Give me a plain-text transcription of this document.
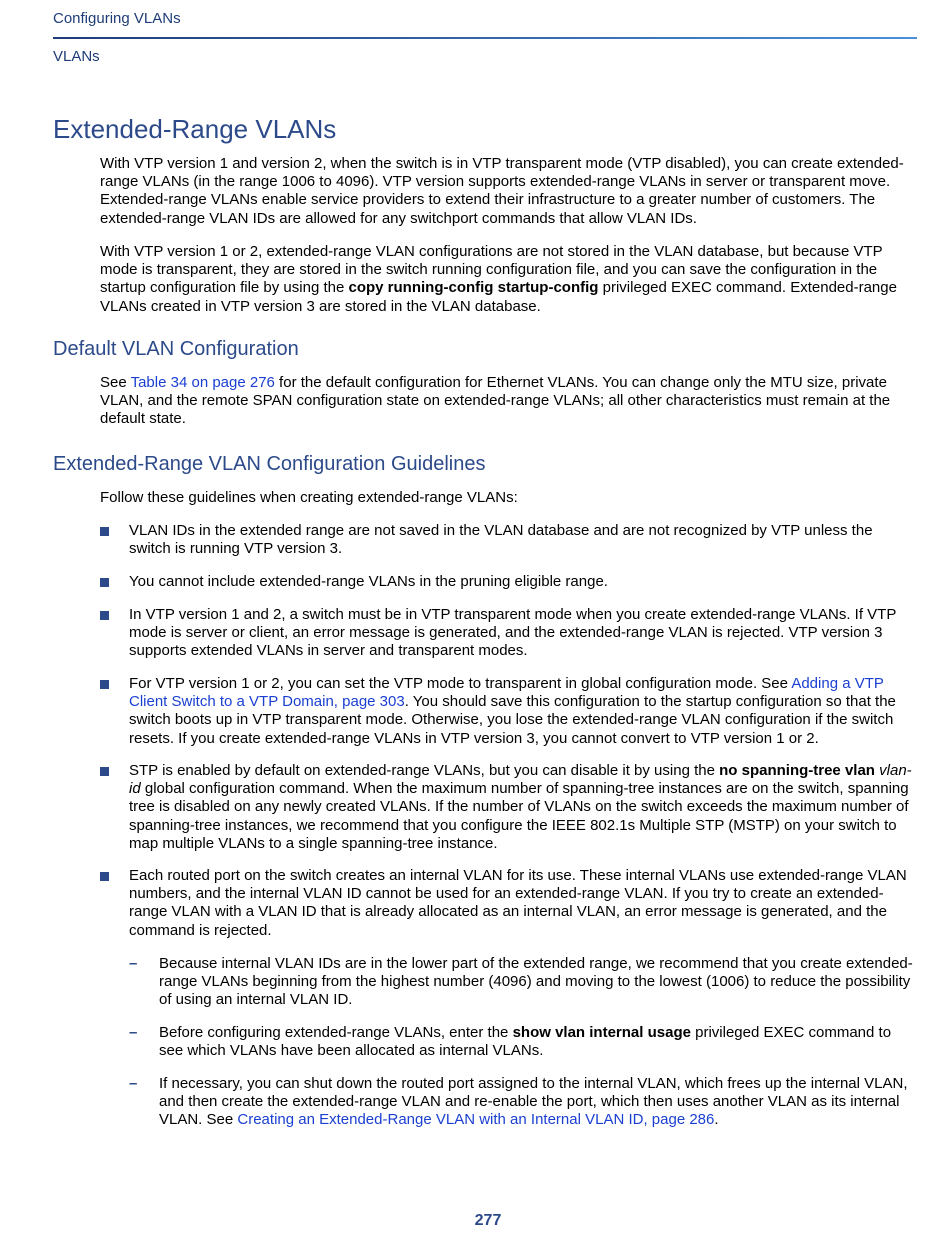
Configuring VLANs
VLANs
Extended-Range VLANs

With VTP version 1 and version 2, when the switch is in VTP transparent mode (VTP disabled), you can create extended-range VLANs (in the range 1006 to 4096). VTP version supports extended-range VLANs in server or transparent move. Extended-range VLANs enable service providers to extend their infrastructure to a greater number of customers. The extended-range VLAN IDs are allowed for any switchport commands that allow VLAN IDs.

With VTP version 1 or 2, extended-range VLAN configurations are not stored in the VLAN database, but because VTP mode is transparent, they are stored in the switch running configuration file, and you can save the configuration in the startup configuration file by using the copy running-config startup-config privileged EXEC command. Extended-range VLANs created in VTP version 3 are stored in the VLAN database.

Default VLAN Configuration

See Table 34 on page 276 for the default configuration for Ethernet VLANs. You can change only the MTU size, private VLAN, and the remote SPAN configuration state on extended-range VLANs; all other characteristics must remain at the default state.

Extended-Range VLAN Configuration Guidelines

Follow these guidelines when creating extended-range VLANs:

VLAN IDs in the extended range are not saved in the VLAN database and are not recognized by VTP unless the switch is running VTP version 3.
You cannot include extended-range VLANs in the pruning eligible range.
In VTP version 1 and 2, a switch must be in VTP transparent mode when you create extended-range VLANs. If VTP mode is server or client, an error message is generated, and the extended-range VLAN is rejected. VTP version 3 supports extended VLANs in server and transparent modes.
For VTP version 1 or 2, you can set the VTP mode to transparent in global configuration mode. See Adding a VTP Client Switch to a VTP Domain, page 303. You should save this configuration to the startup configuration so that the switch boots up in VTP transparent mode. Otherwise, you lose the extended-range VLAN configuration if the switch resets. If you create extended-range VLANs in VTP version 3, you cannot convert to VTP version 1 or 2.
STP is enabled by default on extended-range VLANs, but you can disable it by using the no spanning-tree vlan vlan-id global configuration command. When the maximum number of spanning-tree instances are on the switch, spanning tree is disabled on any newly created VLANs. If the number of VLANs on the switch exceeds the maximum number of spanning-tree instances, we recommend that you configure the IEEE 802.1s Multiple STP (MSTP) on your switch to map multiple VLANs to a single spanning-tree instance.
Each routed port on the switch creates an internal VLAN for its use. These internal VLANs use extended-range VLAN numbers, and the internal VLAN ID cannot be used for an extended-range VLAN. If you try to create an extended-range VLAN with a VLAN ID that is already allocated as an internal VLAN, an error message is generated, and the command is rejected.
– Because internal VLAN IDs are in the lower part of the extended range, we recommend that you create extended-range VLANs beginning from the highest number (4096) and moving to the lowest (1006) to reduce the possibility of using an internal VLAN ID.
– Before configuring extended-range VLANs, enter the show vlan internal usage privileged EXEC command to see which VLANs have been allocated as internal VLANs.
– If necessary, you can shut down the routed port assigned to the internal VLAN, which frees up the internal VLAN, and then create the extended-range VLAN and re-enable the port, which then uses another VLAN as its internal VLAN. See Creating an Extended-Range VLAN with an Internal VLAN ID, page 286.
277
